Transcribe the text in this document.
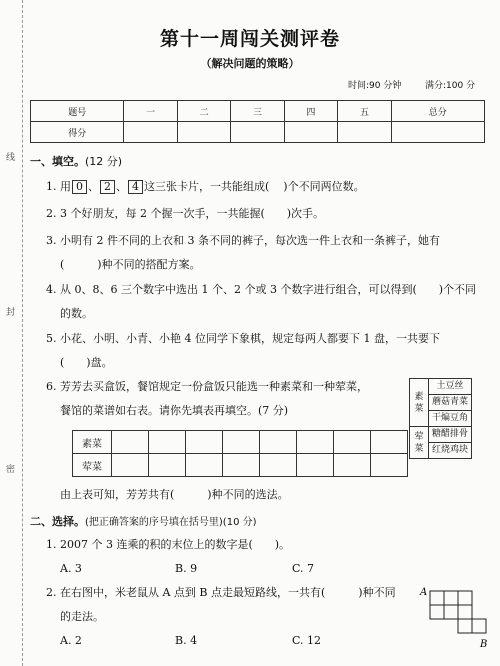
线
封
密
第十一周闯关测评卷
（解决问题的策略）
时间:90 分钟	满分:100 分
题号	一	二	三	四	五	总分
得分						
一、填空。(12 分)
1. 用 0 、 2 、 4 这三张卡片，一共能组成( )个不同两位数。
2. 3 个好朋友，每 2 个握一次手，一共能握(　　)次手。
3. 小明有 2 件不同的上衣和 3 条不同的裤子，每次选一件上衣和一条裤子，她有
(　　　)种不同的搭配方案。
4. 从 0、8、6 三个数字中选出 1 个、2 个或 3 个数字进行组合，可以得到(　　)个不同
的数。
5. 小花、小明、小青、小艳 4 位同学下象棋，规定每两人都要下 1 盘，一共要下
(　　)盘。
6. 芳芳去买盒饭，餐馆规定一份盒饭只能选一种素菜和一种荤菜，
餐馆的菜谱如右表。请你先填表再填空。(7 分)
素菜	土豆丝
	蘑菇青菜
	干煸豆角
荤菜	糖醋排骨
	红烧鸡块
素菜								
荤菜								
由上表可知，芳芳共有(　　　)种不同的选法。
二、选择。(把正确答案的序号填在括号里)(10 分)
1. 2007 个 3 连乘的积的末位上的数字是(　　)。
A. 3	B. 9	C. 7
2. 在右图中，米老鼠从 A 点到 B 点走最短路线，一共有(　　　)种不同
的走法。
A. 2	B. 4	C. 12
A
B
